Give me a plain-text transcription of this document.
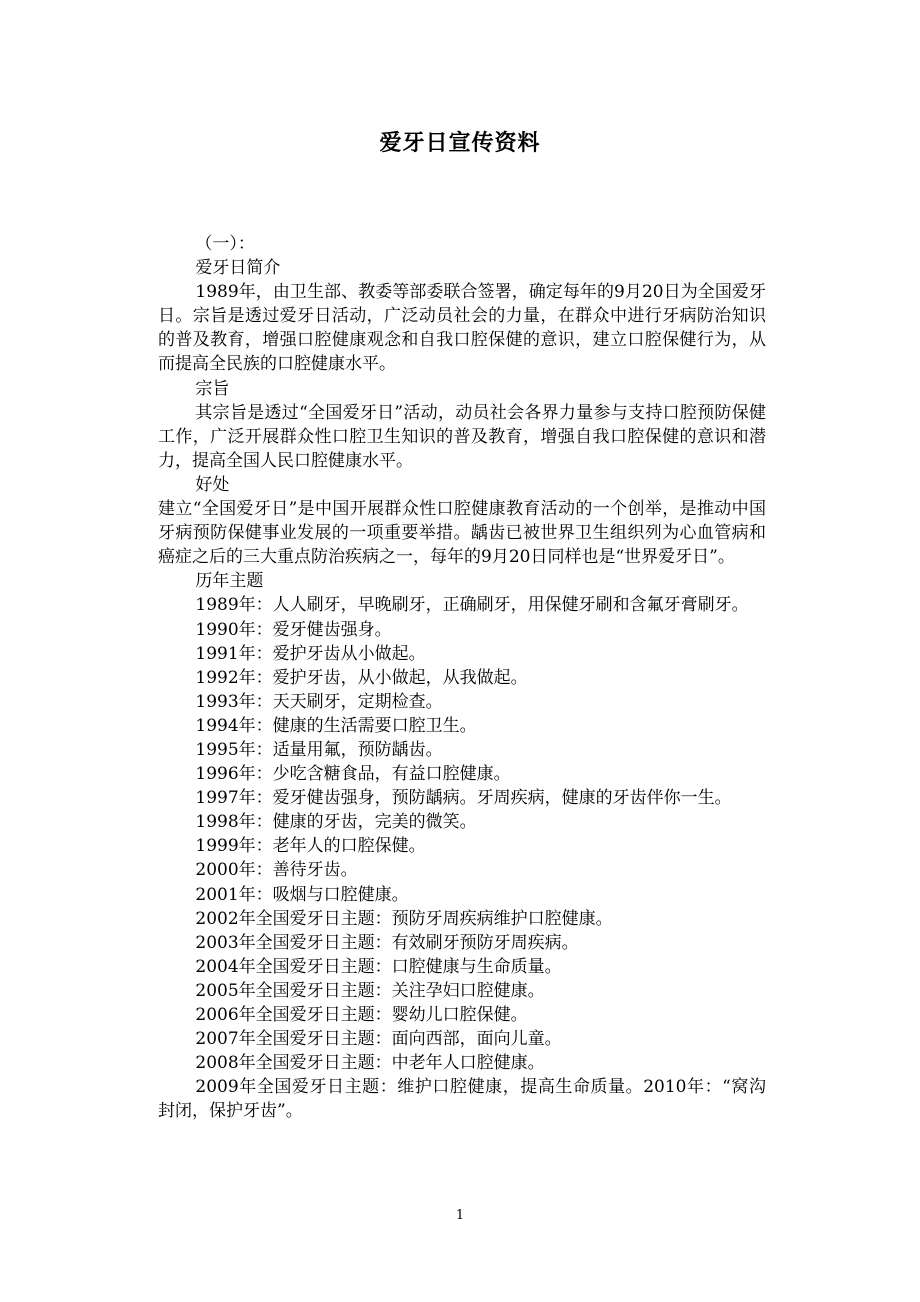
爱牙日宣传资料

（一）：

爱牙日简介

1989年，由卫生部、教委等部委联合签署，确定每年的9月20日为全国爱牙日。宗旨是透过爱牙日活动，广泛动员社会的力量，在群众中进行牙病防治知识的普及教育，增强口腔健康观念和自我口腔保健的意识，建立口腔保健行为，从而提高全民族的口腔健康水平。

宗旨

其宗旨是透过“全国爱牙日”活动，动员社会各界力量参与支持口腔预防保健工作，广泛开展群众性口腔卫生知识的普及教育，增强自我口腔保健的意识和潜力，提高全国人民口腔健康水平。

好处

建立“全国爱牙日”是中国开展群众性口腔健康教育活动的一个创举，是推动中国牙病预防保健事业发展的一项重要举措。龋齿已被世界卫生组织列为心血管病和癌症之后的三大重点防治疾病之一，每年的9月20日同样也是“世界爱牙日”。

历年主题

1989年：人人刷牙，早晚刷牙，正确刷牙，用保健牙刷和含氟牙膏刷牙。

1990年：爱牙健齿强身。

1991年：爱护牙齿从小做起。

1992年：爱护牙齿，从小做起，从我做起。

1993年：天天刷牙，定期检查。

1994年：健康的生活需要口腔卫生。

1995年：适量用氟，预防龋齿。

1996年：少吃含糖食品，有益口腔健康。

1997年：爱牙健齿强身，预防龋病。牙周疾病，健康的牙齿伴你一生。

1998年：健康的牙齿，完美的微笑。

1999年：老年人的口腔保健。

2000年：善待牙齿。

2001年：吸烟与口腔健康。

2002年全国爱牙日主题：预防牙周疾病维护口腔健康。

2003年全国爱牙日主题：有效刷牙预防牙周疾病。

2004年全国爱牙日主题：口腔健康与生命质量。

2005年全国爱牙日主题：关注孕妇口腔健康。

2006年全国爱牙日主题：婴幼儿口腔保健。

2007年全国爱牙日主题：面向西部，面向儿童。

2008年全国爱牙日主题：中老年人口腔健康。

2009年全国爱牙日主题：维护口腔健康，提高生命质量。2010年：“窝沟封闭，保护牙齿”。

1
